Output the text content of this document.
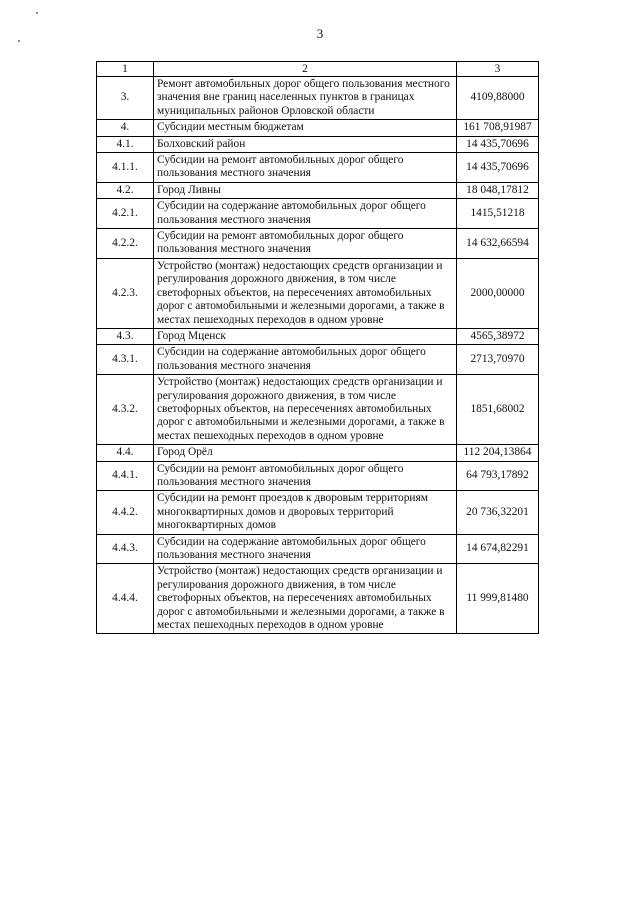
3
1	2	3
3.	Ремонт автомобильных дорог общего пользования местного значения вне границ населенных пунктов в границах муниципальных районов Орловской области	4109,88000
4.	Субсидии местным бюджетам	161 708,91987
4.1.	Болховский район	14 435,70696
4.1.1.	Субсидии на ремонт автомобильных дорог общего пользования местного значения	14 435,70696
4.2.	Город Ливны	18 048,17812
4.2.1.	Субсидии на содержание автомобильных дорог общего пользования местного значения	1415,51218
4.2.2.	Субсидии на ремонт автомобильных дорог общего пользования местного значения	14 632,66594
4.2.3.	Устройство (монтаж) недостающих средств организации и регулирования дорожного движения, в том числе светофорных объектов, на пересечениях автомобильных дорог с автомобильными и железными дорогами, а также в местах пешеходных переходов в одном уровне	2000,00000
4.3.	Город Мценск	4565,38972
4.3.1.	Субсидии на содержание автомобильных дорог общего пользования местного значения	2713,70970
4.3.2.	Устройство (монтаж) недостающих средств организации и регулирования дорожного движения, в том числе светофорных объектов, на пересечениях автомобильных дорог с автомобильными и железными дорогами, а также в местах пешеходных переходов в одном уровне	1851,68002
4.4.	Город Орёл	112 204,13864
4.4.1.	Субсидии на ремонт автомобильных дорог общего пользования местного значения	64 793,17892
4.4.2.	Субсидии на ремонт проездов к дворовым территориям многоквартирных домов и дворовых территорий многоквартирных домов	20 736,32201
4.4.3.	Субсидии на содержание автомобильных дорог общего пользования местного значения	14 674,82291
4.4.4.	Устройство (монтаж) недостающих средств организации и регулирования дорожного движения, в том числе светофорных объектов, на пересечениях автомобильных дорог с автомобильными и железными дорогами, а также в местах пешеходных переходов в одном уровне	11 999,81480
